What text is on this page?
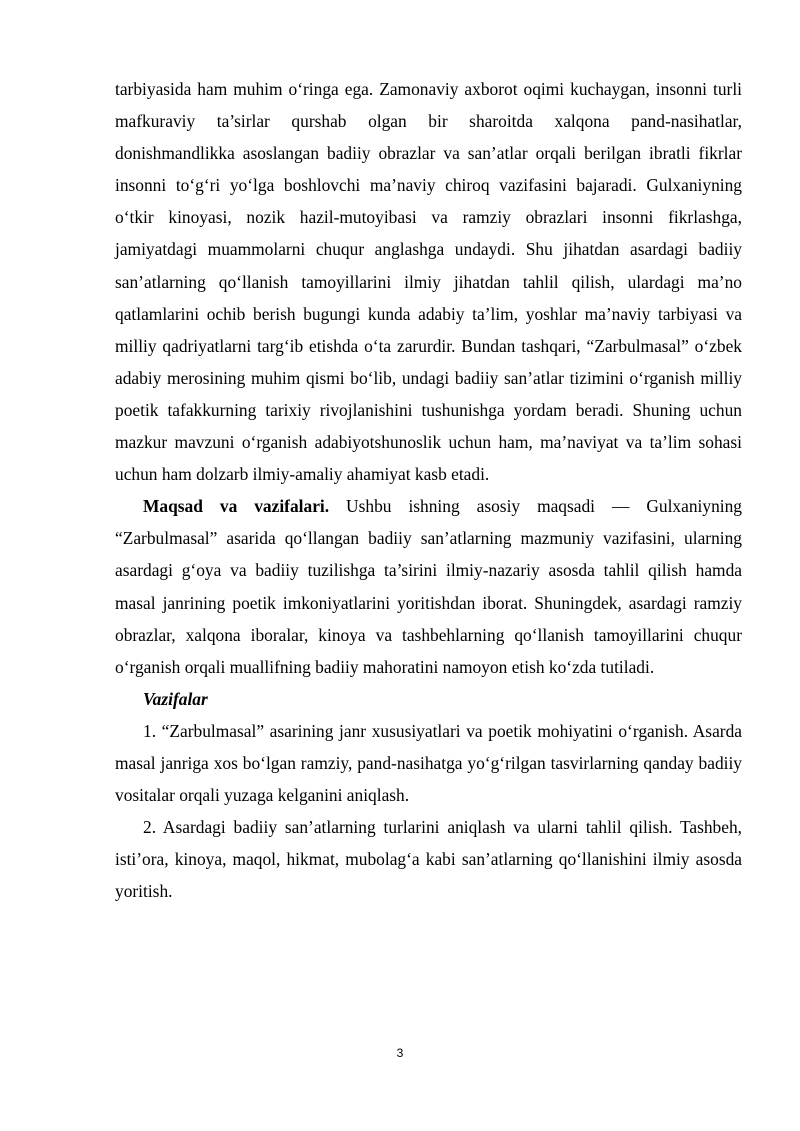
tarbiyasida ham muhim o‘ringa ega. Zamonaviy axborot oqimi kuchaygan, insonni turli mafkuraviy ta’sirlar qurshab olgan bir sharoitda xalqona pand-nasihatlar, donishmandlikka asoslangan badiiy obrazlar va san’atlar orqali berilgan ibratli fikrlar insonni to‘g‘ri yo‘lga boshlovchi ma’naviy chiroq vazifasini bajaradi. Gulxaniyning o‘tkir kinoyasi, nozik hazil-mutoyibasi va ramziy obrazlari insonni fikrlashga, jamiyatdagi muammolarni chuqur anglashga undaydi. Shu jihatdan asardagi badiiy san’atlarning qo‘llanish tamoyillarini ilmiy jihatdan tahlil qilish, ulardagi ma’no qatlamlarini ochib berish bugungi kunda adabiy ta’lim, yoshlar ma’naviy tarbiyasi va milliy qadriyatlarni targ‘ib etishda o‘ta zarurdir. Bundan tashqari, “Zarbulmasal” o‘zbek adabiy merosining muhim qismi bo‘lib, undagi badiiy san’atlar tizimini o‘rganish milliy poetik tafakkurning tarixiy rivojlanishini tushunishga yordam beradi. Shuning uchun mazkur mavzuni o‘rganish adabiyotshunoslik uchun ham, ma’naviyat va ta’lim sohasi uchun ham dolzarb ilmiy-amaliy ahamiyat kasb etadi.

Maqsad va vazifalari. Ushbu ishning asosiy maqsadi — Gulxaniyning “Zarbulmasal” asarida qo‘llangan badiiy san’atlarning mazmuniy vazifasini, ularning asardagi g‘oya va badiiy tuzilishga ta’sirini ilmiy-nazariy asosda tahlil qilish hamda masal janrining poetik imkoniyatlarini yoritishdan iborat. Shuningdek, asardagi ramziy obrazlar, xalqona iboralar, kinoya va tashbehlarning qo‘llanish tamoyillarini chuqur o‘rganish orqali muallifning badiiy mahoratini namoyon etish ko‘zda tutiladi.

Vazifalar

1. “Zarbulmasal” asarining janr xususiyatlari va poetik mohiyatini o‘rganish. Asarda masal janriga xos bo‘lgan ramziy, pand-nasihatga yo‘g‘rilgan tasvirlarning qanday badiiy vositalar orqali yuzaga kelganini aniqlash.

2. Asardagi badiiy san’atlarning turlarini aniqlash va ularni tahlil qilish. Tashbeh, isti’ora, kinoya, maqol, hikmat, mubolag‘a kabi san’atlarning qo‘llanishini ilmiy asosda yoritish.

3
